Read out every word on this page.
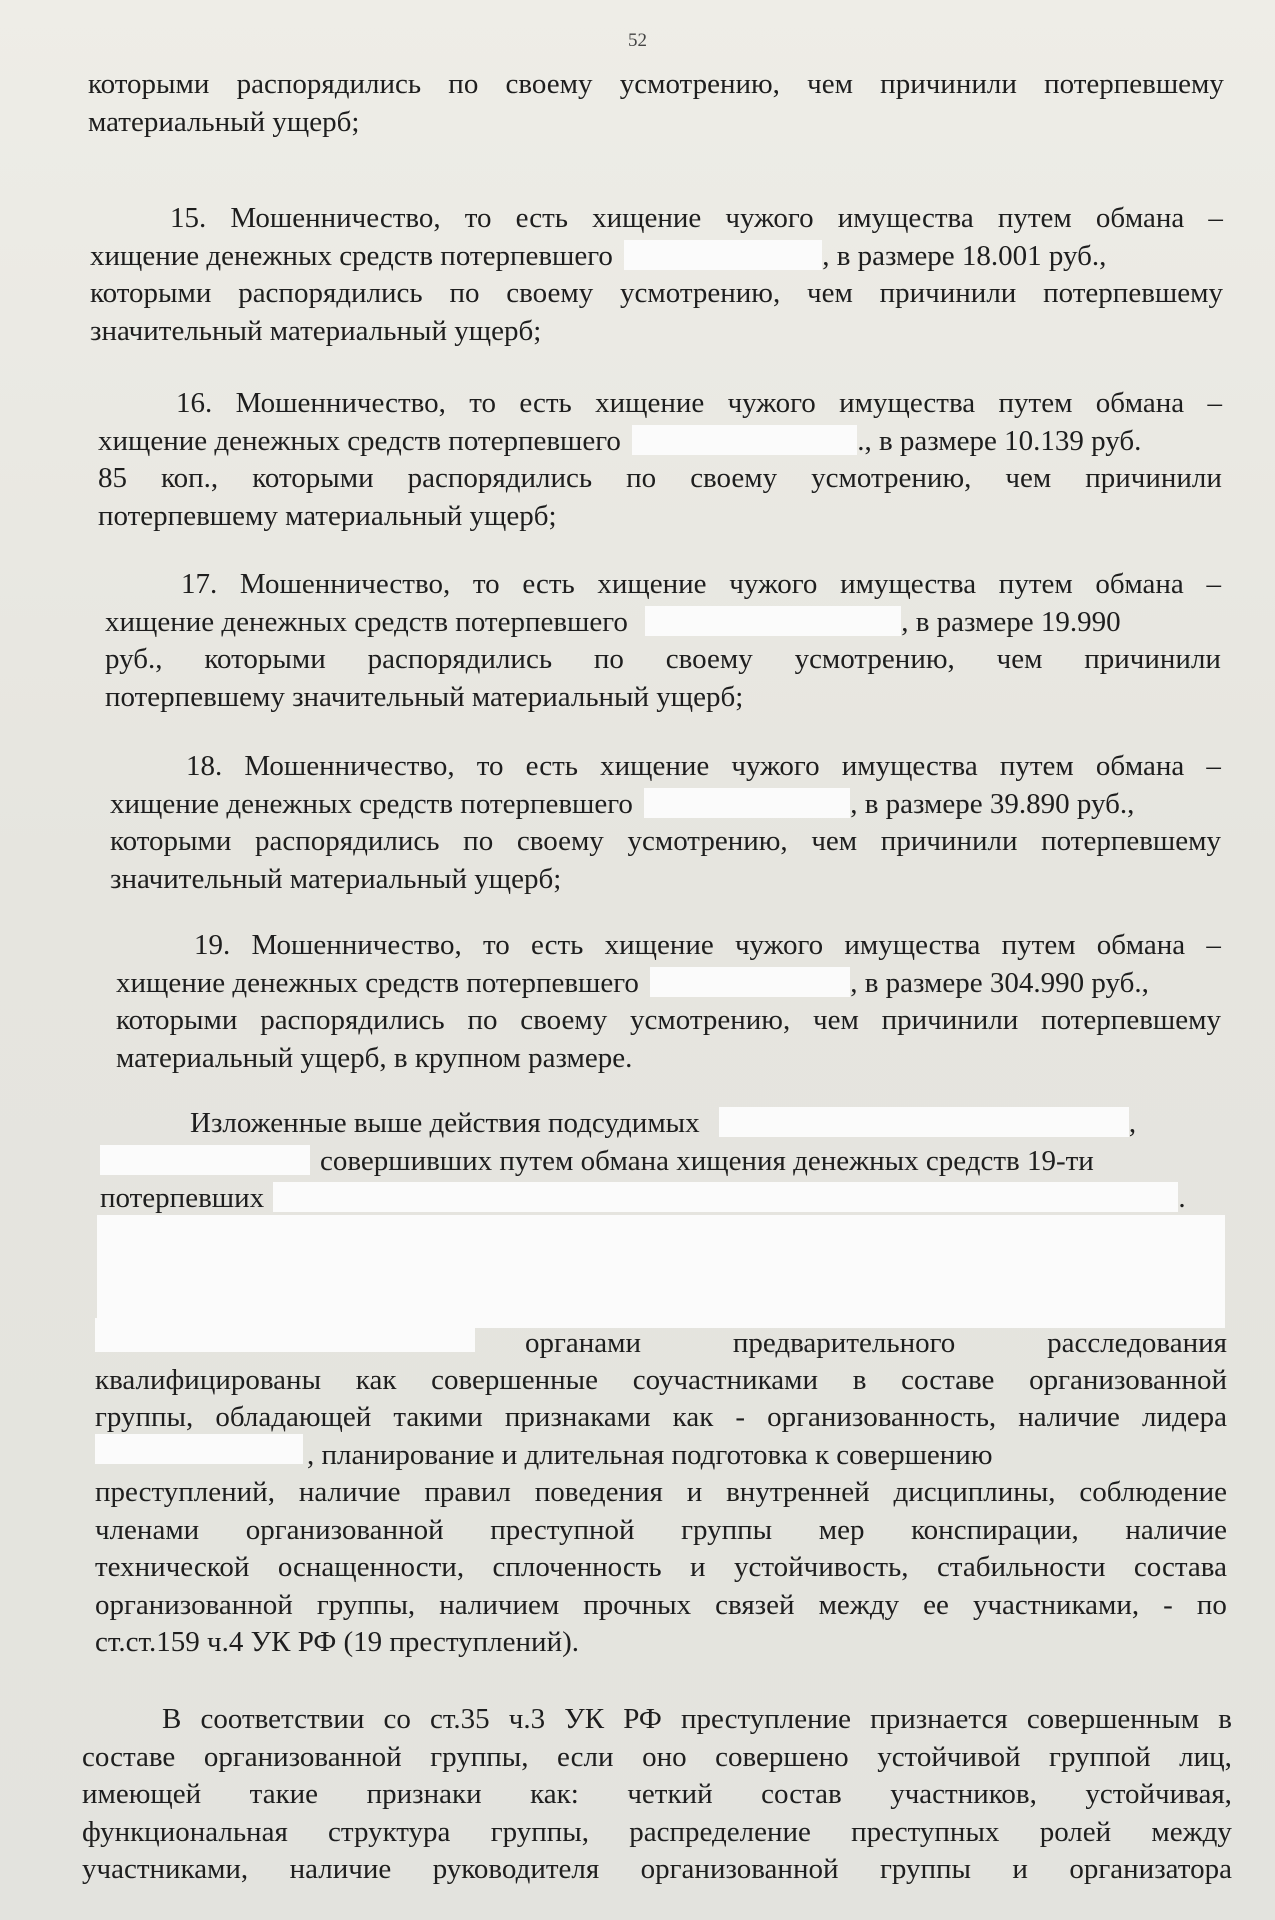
52
которыми распорядились по своему усмотрению, чем причинили потерпевшему
материальный ущерб;
15. Мошенничество, то есть хищение чужого имущества путем обмана –
хищение денежных средств потерпевшего	, в размере 18.001 руб.,
которыми распорядились по своему усмотрению, чем причинили потерпевшему
значительный материальный ущерб;
16. Мошенничество, то есть хищение чужого имущества путем обмана –
хищение денежных средств потерпевшего	., в размере 10.139 руб.
85 коп., которыми распорядились по своему усмотрению, чем причинили
потерпевшему материальный ущерб;
17. Мошенничество, то есть хищение чужого имущества путем обмана –
хищение денежных средств потерпевшего	, в размере 19.990
руб., которыми распорядились по своему усмотрению, чем причинили
потерпевшему значительный материальный ущерб;
18. Мошенничество, то есть хищение чужого имущества путем обмана –
хищение денежных средств потерпевшего	, в размере 39.890 руб.,
которыми распорядились по своему усмотрению, чем причинили потерпевшему
значительный материальный ущерб;
19. Мошенничество, то есть хищение чужого имущества путем обмана –
хищение денежных средств потерпевшего	, в размере 304.990 руб.,
которыми распорядились по своему усмотрению, чем причинили потерпевшему
материальный ущерб, в крупном размере.
Изложенные выше действия подсудимых	,
совершивших путем обмана хищения денежных средств 19-ти
потерпевших	.
органами	предварительного	расследования
квалифицированы как совершенные соучастниками в составе организованной
группы, обладающей такими признаками как - организованность, наличие лидера
, планирование и длительная подготовка к совершению
преступлений, наличие правил поведения и внутренней дисциплины, соблюдение
членами организованной преступной группы мер конспирации, наличие
технической оснащенности, сплоченность и устойчивость, стабильности состава
организованной группы, наличием прочных связей между ее участниками, - по
ст.ст.159 ч.4 УК РФ (19 преступлений).
В соответствии со ст.35 ч.3 УК РФ преступление признается совершенным в
составе организованной группы, если оно совершено устойчивой группой лиц,
имеющей такие признаки как: четкий состав участников, устойчивая,
функциональная структура группы, распределение преступных ролей между
участниками, наличие руководителя организованной группы и организатора
